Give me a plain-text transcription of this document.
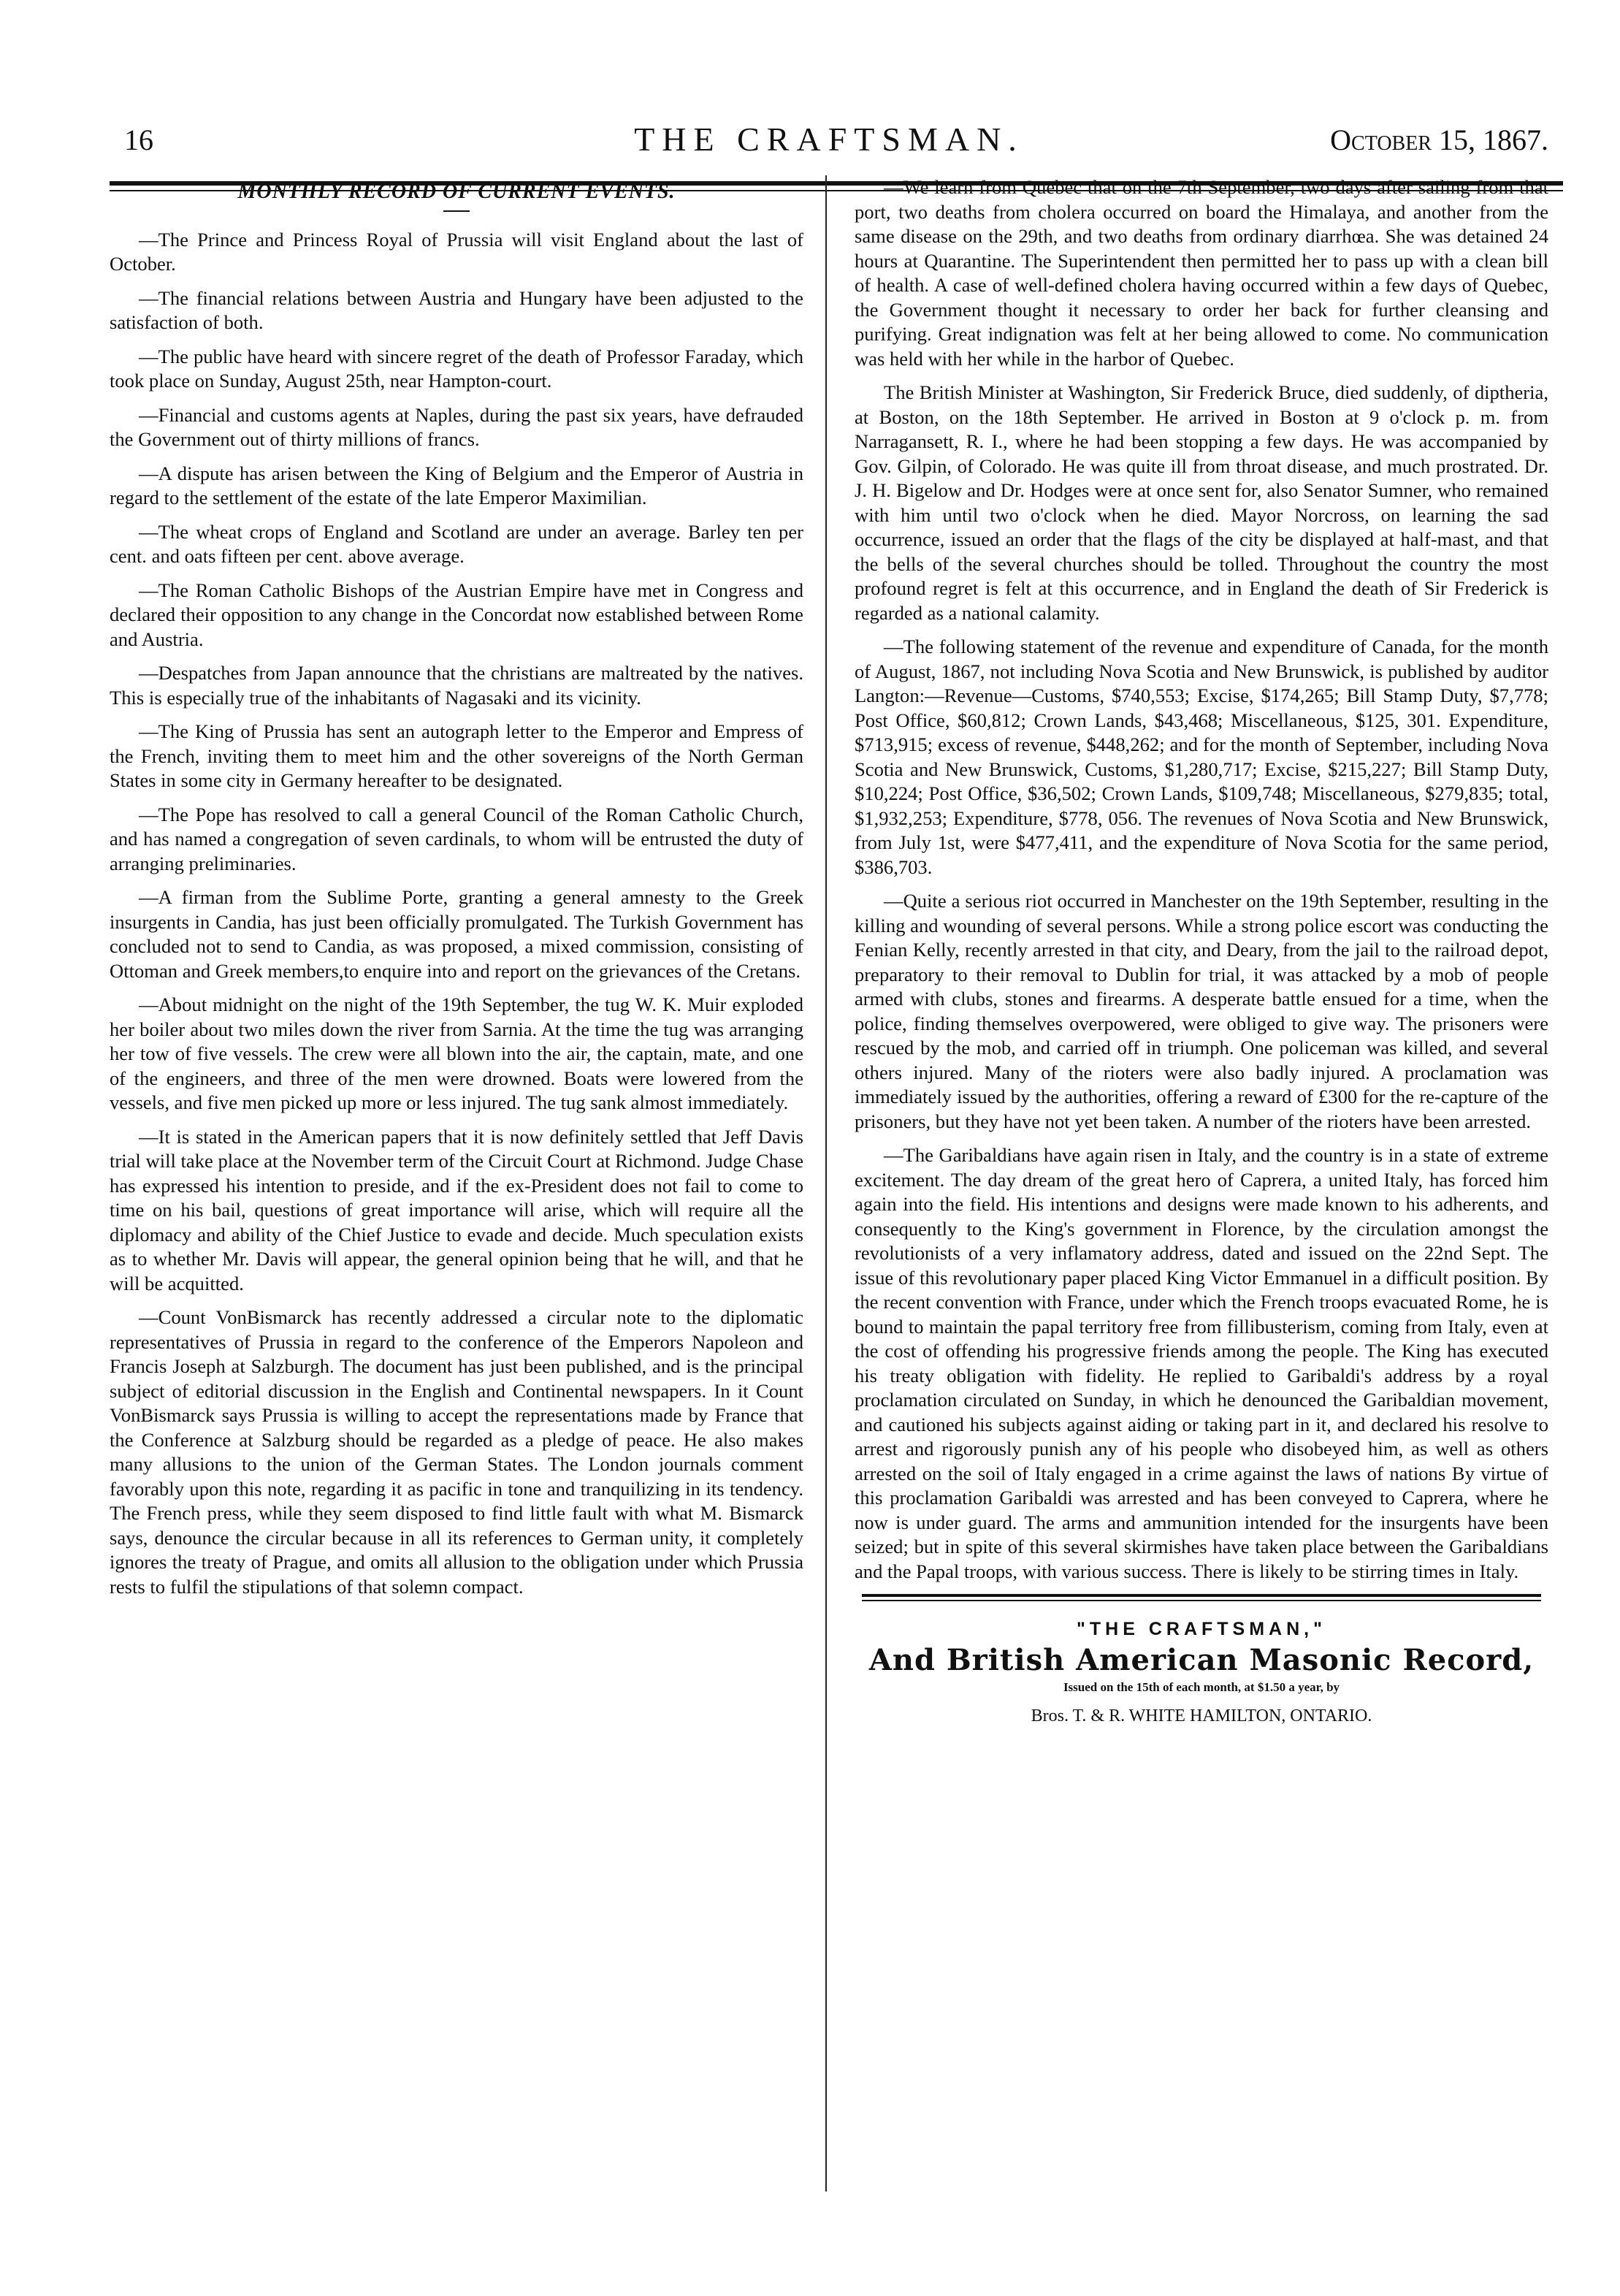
16	THE CRAFTSMAN.	October 15, 1867.
MONTHLY RECORD OF CURRENT EVENTS.

—The Prince and Princess Royal of Prussia will visit England about the last of October.

—The financial relations between Austria and Hungary have been adjusted to the satisfaction of both.

—The public have heard with sincere regret of the death of Professor Faraday, which took place on Sunday, August 25th, near Hampton-court.

—Financial and customs agents at Naples, during the past six years, have defrauded the Government out of thirty millions of francs.

—A dispute has arisen between the King of Belgium and the Emperor of Austria in regard to the settlement of the estate of the late Emperor Maximilian.

—The wheat crops of England and Scotland are under an average. Barley ten per cent. and oats fifteen per cent. above average.

—The Roman Catholic Bishops of the Austrian Empire have met in Congress and declared their opposition to any change in the Concordat now established between Rome and Austria.

—Despatches from Japan announce that the christians are maltreated by the natives. This is especially true of the inhabitants of Nagasaki and its vicinity.

—The King of Prussia has sent an autograph letter to the Emperor and Empress of the French, inviting them to meet him and the other sovereigns of the North German States in some city in Germany hereafter to be designated.

—The Pope has resolved to call a general Council of the Roman Catholic Church, and has named a congregation of seven cardinals, to whom will be entrusted the duty of arranging preliminaries.

—A firman from the Sublime Porte, granting a general amnesty to the Greek insurgents in Candia, has just been officially promulgated. The Turkish Government has concluded not to send to Candia, as was proposed, a mixed commission, consisting of Ottoman and Greek members,to enquire into and report on the grievances of the Cretans.

—About midnight on the night of the 19th September, the tug W. K. Muir exploded her boiler about two miles down the river from Sarnia. At the time the tug was arranging her tow of five vessels. The crew were all blown into the air, the captain, mate, and one of the engineers, and three of the men were drowned. Boats were lowered from the vessels, and five men picked up more or less injured. The tug sank almost immediately.

—It is stated in the American papers that it is now definitely settled that Jeff Davis trial will take place at the November term of the Circuit Court at Richmond. Judge Chase has expressed his intention to preside, and if the ex-President does not fail to come to time on his bail, questions of great importance will arise, which will require all the diplomacy and ability of the Chief Justice to evade and decide. Much speculation exists as to whether Mr. Davis will appear, the general opinion being that he will, and that he will be acquitted.

—Count VonBismarck has recently addressed a circular note to the diplomatic representatives of Prussia in regard to the conference of the Emperors Napoleon and Francis Joseph at Salzburgh. The document has just been published, and is the principal subject of editorial discussion in the English and Continental newspapers. In it Count VonBismarck says Prussia is willing to accept the representations made by France that the Conference at Salzburg should be regarded as a pledge of peace. He also makes many allusions to the union of the German States. The London journals comment favorably upon this note, regarding it as pacific in tone and tranquilizing in its tendency. The French press, while they seem disposed to find little fault with what M. Bismarck says, denounce the circular because in all its references to German unity, it completely ignores the treaty of Prague, and omits all allusion to the obligation under which Prussia rests to fulfil the stipulations of that solemn compact.

—We learn from Quebec that on the 7th September, two days after sailing from that port, two deaths from cholera occurred on board the Himalaya, and another from the same disease on the 29th, and two deaths from ordinary diarrhœa. She was detained 24 hours at Quarantine. The Superintendent then permitted her to pass up with a clean bill of health. A case of well-defined cholera having occurred within a few days of Quebec, the Government thought it necessary to order her back for further cleansing and purifying. Great indignation was felt at her being allowed to come. No communication was held with her while in the harbor of Quebec.

The British Minister at Washington, Sir Frederick Bruce, died suddenly, of diptheria, at Boston, on the 18th September. He arrived in Boston at 9 o'clock p. m. from Narragansett, R. I., where he had been stopping a few days. He was accompanied by Gov. Gilpin, of Colorado. He was quite ill from throat disease, and much prostrated. Dr. J. H. Bigelow and Dr. Hodges were at once sent for, also Senator Sumner, who remained with him until two o'clock when he died. Mayor Norcross, on learning the sad occurrence, issued an order that the flags of the city be displayed at half-mast, and that the bells of the several churches should be tolled. Throughout the country the most profound regret is felt at this occurrence, and in England the death of Sir Frederick is regarded as a national calamity.

—The following statement of the revenue and expenditure of Canada, for the month of August, 1867, not including Nova Scotia and New Brunswick, is published by auditor Langton:—Revenue—Customs, $740,553; Excise, $174,265; Bill Stamp Duty, $7,778; Post Office, $60,812; Crown Lands, $43,468; Miscellaneous, $125, 301. Expenditure, $713,915; excess of revenue, $448,262; and for the month of September, including Nova Scotia and New Brunswick, Customs, $1,280,717; Excise, $215,227; Bill Stamp Duty, $10,224; Post Office, $36,502; Crown Lands, $109,748; Miscellaneous, $279,835; total, $1,932,253; Expenditure, $778, 056. The revenues of Nova Scotia and New Brunswick, from July 1st, were $477,411, and the expenditure of Nova Scotia for the same period, $386,703.

—Quite a serious riot occurred in Manchester on the 19th September, resulting in the killing and wounding of several persons. While a strong police escort was conducting the Fenian Kelly, recently arrested in that city, and Deary, from the jail to the railroad depot, preparatory to their removal to Dublin for trial, it was attacked by a mob of people armed with clubs, stones and firearms. A desperate battle ensued for a time, when the police, finding themselves overpowered, were obliged to give way. The prisoners were rescued by the mob, and carried off in triumph. One policeman was killed, and several others injured. Many of the rioters were also badly injured. A proclamation was immediately issued by the authorities, offering a reward of £300 for the re-capture of the prisoners, but they have not yet been taken. A number of the rioters have been arrested.

—The Garibaldians have again risen in Italy, and the country is in a state of extreme excitement. The day dream of the great hero of Caprera, a united Italy, has forced him again into the field. His intentions and designs were made known to his adherents, and consequently to the King's government in Florence, by the circulation amongst the revolutionists of a very inflamatory address, dated and issued on the 22nd Sept. The issue of this revolutionary paper placed King Victor Emmanuel in a difficult position. By the recent convention with France, under which the French troops evacuated Rome, he is bound to maintain the papal territory free from fillibusterism, coming from Italy, even at the cost of offending his progressive friends among the people. The King has executed his treaty obligation with fidelity. He replied to Garibaldi's address by a royal proclamation circulated on Sunday, in which he denounced the Garibaldian movement, and cautioned his subjects against aiding or taking part in it, and declared his resolve to arrest and rigorously punish any of his people who disobeyed him, as well as others arrested on the soil of Italy engaged in a crime against the laws of nations By virtue of this proclamation Garibaldi was arrested and has been conveyed to Caprera, where he now is under guard. The arms and ammunition intended for the insurgents have been seized; but in spite of this several skirmishes have taken place between the Garibaldians and the Papal troops, with various success. There is likely to be stirring times in Italy.

"THE CRAFTSMAN,"
And British American Masonic Record,
Issued on the 15th of each month, at $1.50 a year, by
Bros. T. & R. WHITE HAMILTON, ONTARIO.
